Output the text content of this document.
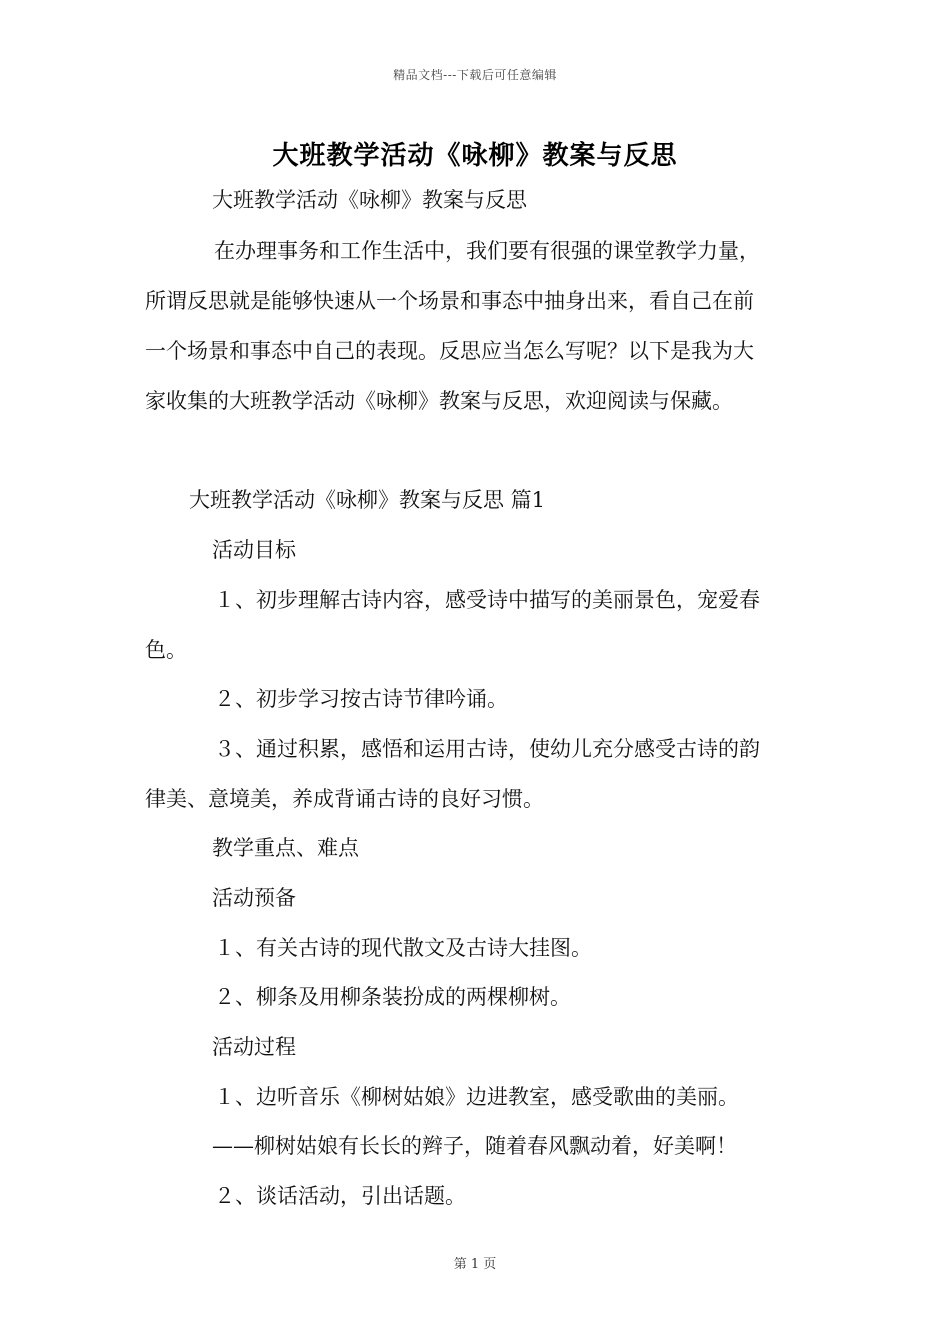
精品文档---下载后可任意编辑
大班教学活动《咏柳》教案与反思
大班教学活动《咏柳》教案与反思
在办理事务和工作生活中，我们要有很强的课堂教学力量，
所谓反思就是能够快速从一个场景和事态中抽身出来，看自己在前
一个场景和事态中自己的表现。反思应当怎么写呢？以下是我为大
家收集的大班教学活动《咏柳》教案与反思，欢迎阅读与保藏。
大班教学活动《咏柳》教案与反思 篇1
活动目标
１、初步理解古诗内容，感受诗中描写的美丽景色，宠爱春
色。
２、初步学习按古诗节律吟诵。
３、通过积累，感悟和运用古诗，使幼儿充分感受古诗的韵
律美、意境美，养成背诵古诗的良好习惯。
教学重点、难点
活动预备
１、有关古诗的现代散文及古诗大挂图。
２、柳条及用柳条装扮成的两棵柳树。
活动过程
１、边听音乐《柳树姑娘》边进教室，感受歌曲的美丽。
——柳树姑娘有长长的辫子，随着春风飘动着，好美啊！
２、谈话活动，引出话题。
第 1 页
